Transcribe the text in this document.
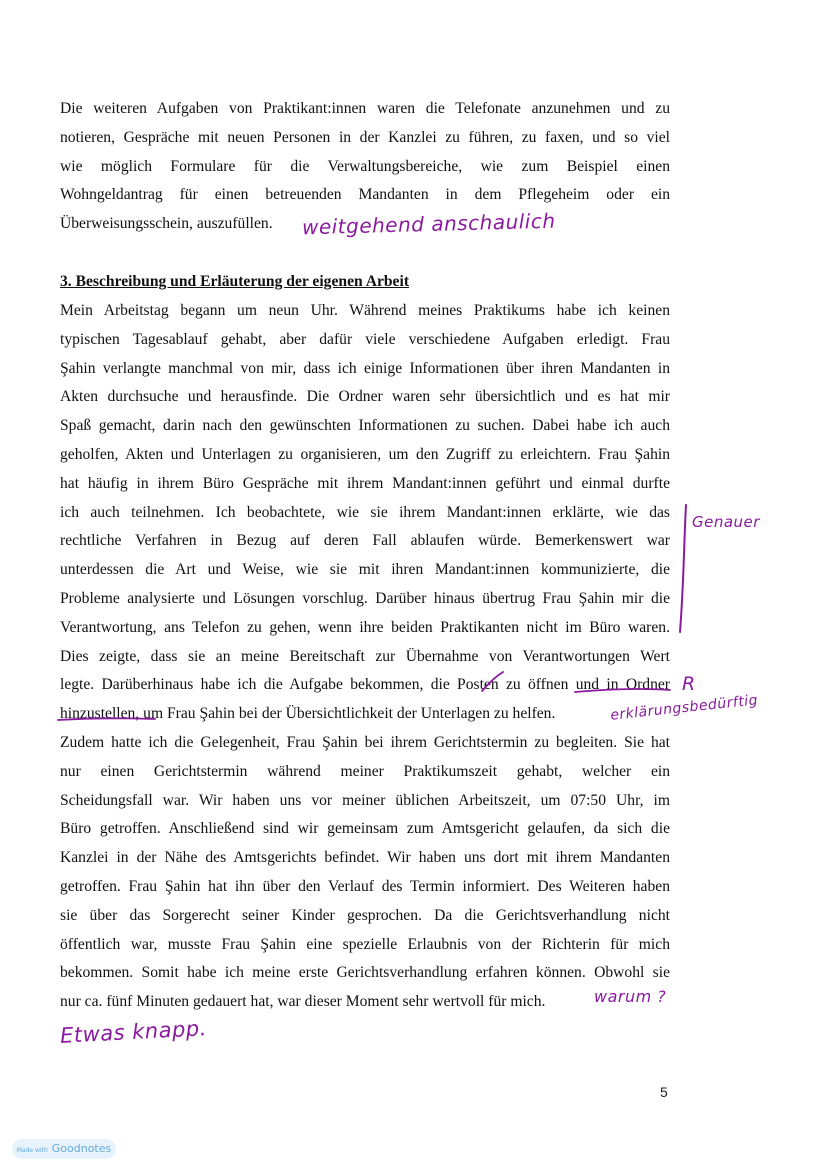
Die weiteren Aufgaben von Praktikant:innen waren die Telefonate anzunehmen und zu
notieren, Gespräche mit neuen Personen in der Kanzlei zu führen, zu faxen, und so viel
wie möglich Formulare für die Verwaltungsbereiche, wie zum Beispiel einen
Wohngeldantrag für einen betreuenden Mandanten in dem Pflegeheim oder ein
Überweisungsschein, auszufüllen.
3. Beschreibung und Erläuterung der eigenen Arbeit
Mein Arbeitstag begann um neun Uhr. Während meines Praktikums habe ich keinen
typischen Tagesablauf gehabt, aber dafür viele verschiedene Aufgaben erledigt. Frau
Şahin verlangte manchmal von mir, dass ich einige Informationen über ihren Mandanten in
Akten durchsuche und herausfinde. Die Ordner waren sehr übersichtlich und es hat mir
Spaß gemacht, darin nach den gewünschten Informationen zu suchen. Dabei habe ich auch
geholfen, Akten und Unterlagen zu organisieren, um den Zugriff zu erleichtern. Frau Şahin
hat häufig in ihrem Büro Gespräche mit ihrem Mandant:innen geführt und einmal durfte
ich auch teilnehmen. Ich beobachtete, wie sie ihrem Mandant:innen erklärte, wie das
rechtliche Verfahren in Bezug auf deren Fall ablaufen würde. Bemerkenswert war
unterdessen die Art und Weise, wie sie mit ihren Mandant:innen kommunizierte, die
Probleme analysierte und Lösungen vorschlug. Darüber hinaus übertrug Frau Şahin mir die
Verantwortung, ans Telefon zu gehen, wenn ihre beiden Praktikanten nicht im Büro waren.
Dies zeigte, dass sie an meine Bereitschaft zur Übernahme von Verantwortungen Wert
legte. Darüberhinaus habe ich die Aufgabe bekommen, die Posten zu öffnen und in Ordner
hinzustellen, um Frau Şahin bei der Übersichtlichkeit der Unterlagen zu helfen.
Zudem hatte ich die Gelegenheit, Frau Şahin bei ihrem Gerichtstermin zu begleiten. Sie hat
nur einen Gerichtstermin während meiner Praktikumszeit gehabt, welcher ein
Scheidungsfall war. Wir haben uns vor meiner üblichen Arbeitszeit, um 07:50 Uhr, im
Büro getroffen. Anschließend sind wir gemeinsam zum Amtsgericht gelaufen, da sich die
Kanzlei in der Nähe des Amtsgerichts befindet. Wir haben uns dort mit ihrem Mandanten
getroffen. Frau Şahin hat ihn über den Verlauf des Termin informiert. Des Weiteren haben
sie über das Sorgerecht seiner Kinder gesprochen. Da die Gerichtsverhandlung nicht
öffentlich war, musste Frau Şahin eine spezielle Erlaubnis von der Richterin für mich
bekommen. Somit habe ich meine erste Gerichtsverhandlung erfahren können. Obwohl sie
nur ca. fünf Minuten gedauert hat, war dieser Moment sehr wertvoll für mich.
weitgehend anschaulich
Genauer
R
erklärungsbedürftig
warum ?
Etwas knapp.
5
Made with Goodnotes
